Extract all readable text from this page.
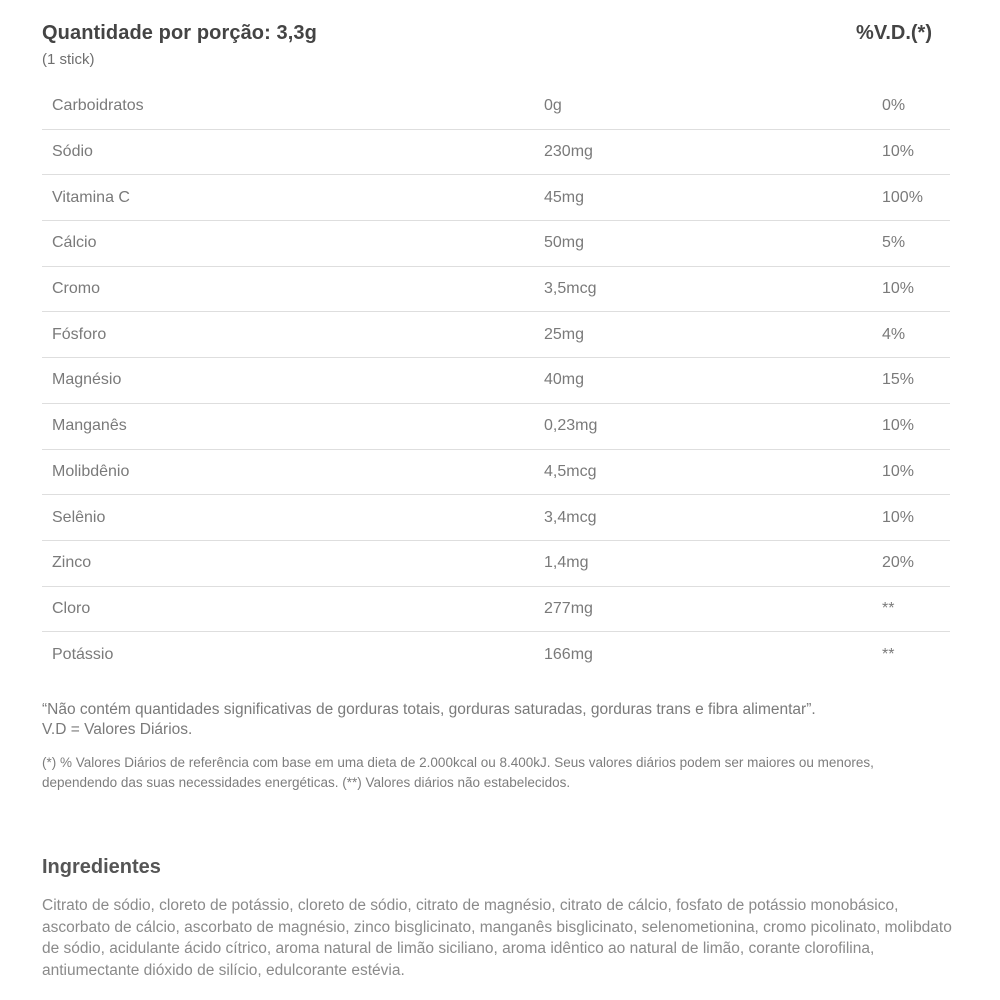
Quantidade por porção: 3,3g	%V.D.(*)
(1 stick)
Carboidratos	0g	0%
Sódio	230mg	10%
Vitamina C	45mg	100%
Cálcio	50mg	5%
Cromo	3,5mcg	10%
Fósforo	25mg	4%
Magnésio	40mg	15%
Manganês	0,23mg	10%
Molibdênio	4,5mcg	10%
Selênio	3,4mcg	10%
Zinco	1,4mg	20%
Cloro	277mg	**
Potássio	166mg	**
“Não contém quantidades significativas de gorduras totais, gorduras saturadas, gorduras trans e fibra alimentar”.
V.D = Valores Diários.
(*) % Valores Diários de referência com base em uma dieta de 2.000kcal ou 8.400kJ. Seus valores diários podem ser maiores ou menores, dependendo das suas necessidades energéticas. (**) Valores diários não estabelecidos.
Ingredientes
Citrato de sódio, cloreto de potássio, cloreto de sódio, citrato de magnésio, citrato de cálcio, fosfato de potássio monobásico, ascorbato de cálcio, ascorbato de magnésio, zinco bisglicinato, manganês bisglicinato, selenometionina, cromo picolinato, molibdato de sódio, acidulante ácido cítrico, aroma natural de limão siciliano, aroma idêntico ao natural de limão, corante clorofilina, antiumectante dióxido de silício, edulcorante estévia.
